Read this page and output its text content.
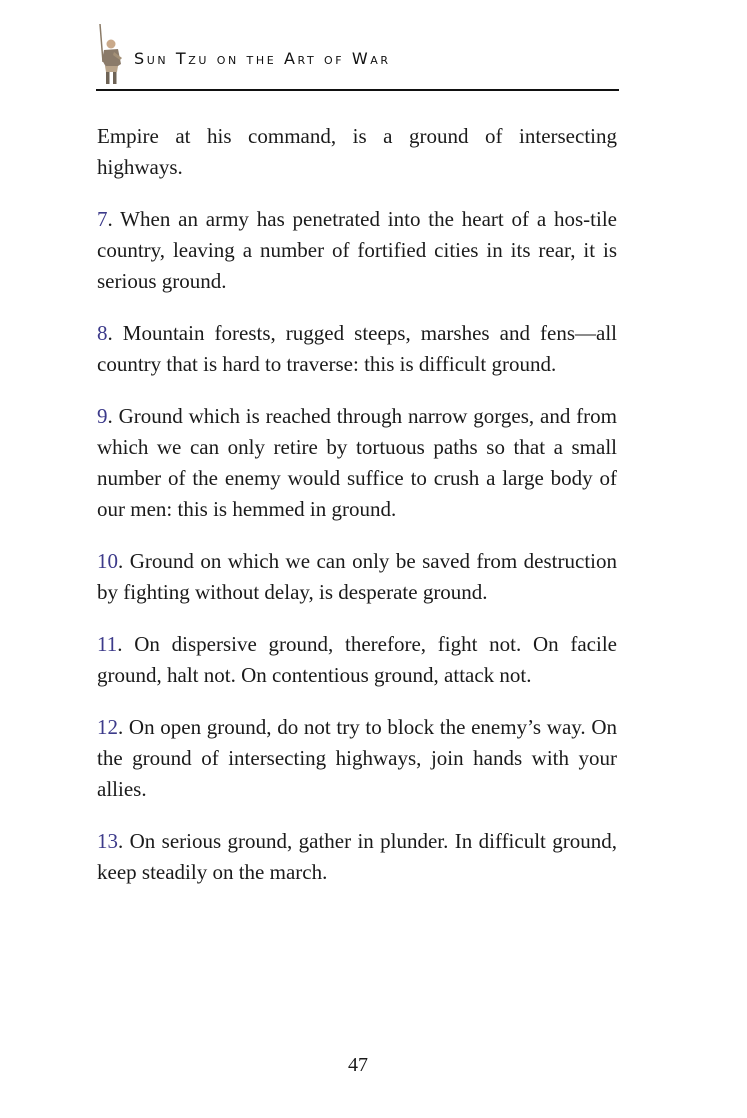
Sun Tzu on the Art of War

Empire at his command, is a ground of intersecting highways.

7. When an army has penetrated into the heart of a hos-tile country, leaving a number of fortified cities in its rear, it is serious ground.

8. Mountain forests, rugged steeps, marshes and fens—all country that is hard to traverse: this is difficult ground.

9. Ground which is reached through narrow gorges, and from which we can only retire by tortuous paths so that a small number of the enemy would suffice to crush a large body of our men: this is hemmed in ground.

10. Ground on which we can only be saved from destruction by fighting without delay, is desperate ground.

11. On dispersive ground, therefore, fight not. On facile ground, halt not. On contentious ground, attack not.

12. On open ground, do not try to block the enemy’s way. On the ground of intersecting highways, join hands with your allies.

13. On serious ground, gather in plunder. In difficult ground, keep steadily on the march.

47
